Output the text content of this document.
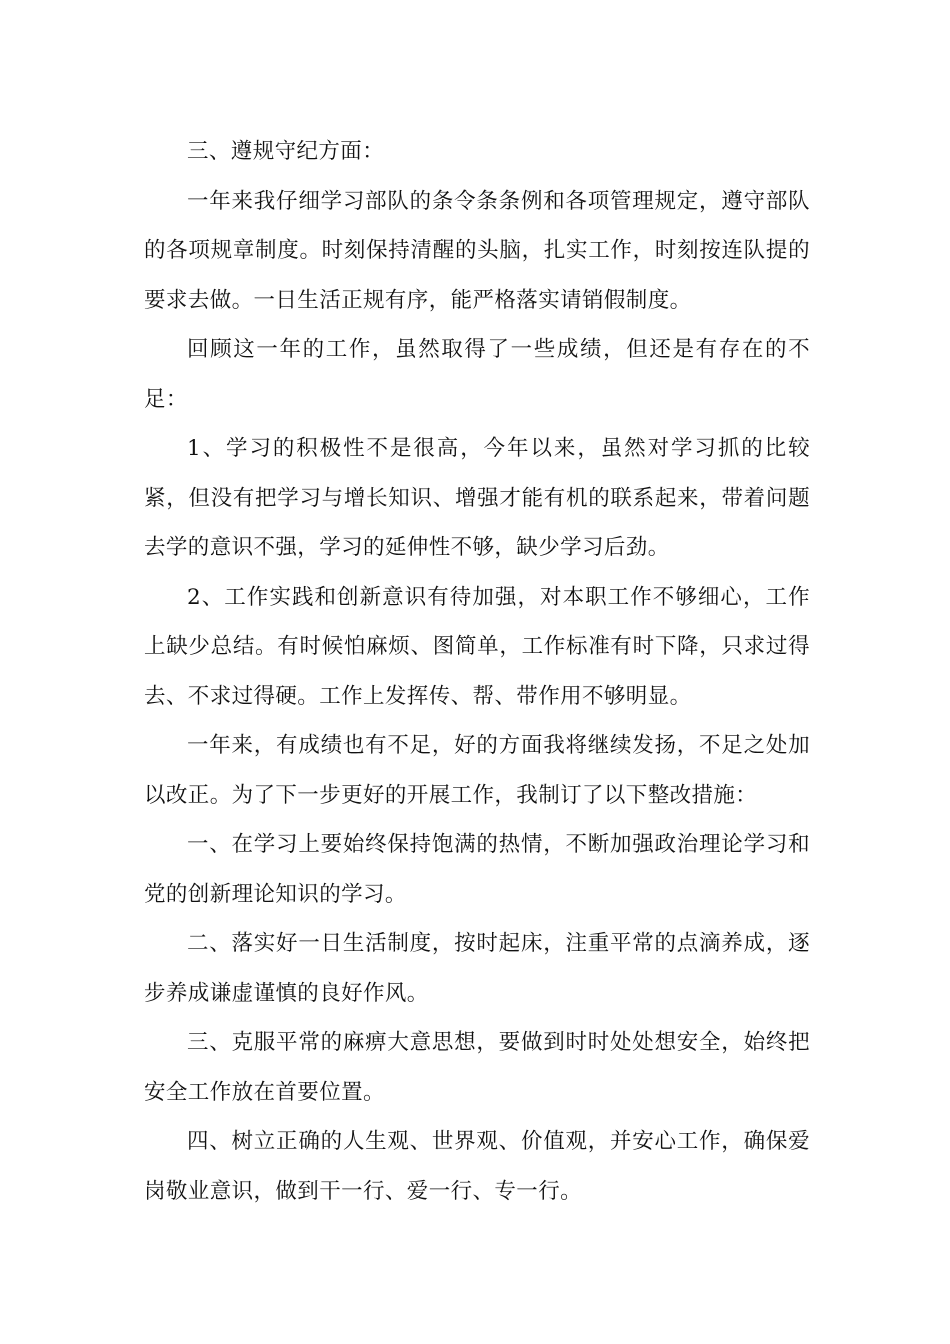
三、遵规守纪方面：

一年来我仔细学习部队的条令条条例和各项管理规定，遵守部队的各项规章制度。时刻保持清醒的头脑，扎实工作，时刻按连队提的要求去做。一日生活正规有序，能严格落实请销假制度。

回顾这一年的工作，虽然取得了一些成绩，但还是有存在的不足：

1、学习的积极性不是很高，今年以来，虽然对学习抓的比较紧，但没有把学习与增长知识、增强才能有机的联系起来，带着问题去学的意识不强，学习的延伸性不够，缺少学习后劲。

2、工作实践和创新意识有待加强，对本职工作不够细心，工作上缺少总结。有时候怕麻烦、图简单，工作标准有时下降，只求过得去、不求过得硬。工作上发挥传、帮、带作用不够明显。

一年来，有成绩也有不足，好的方面我将继续发扬，不足之处加以改正。为了下一步更好的开展工作，我制订了以下整改措施：

一、在学习上要始终保持饱满的热情，不断加强政治理论学习和党的创新理论知识的学习。

二、落实好一日生活制度，按时起床，注重平常的点滴养成，逐步养成谦虚谨慎的良好作风。

三、克服平常的麻痹大意思想，要做到时时处处想安全，始终把安全工作放在首要位置。

四、树立正确的人生观、世界观、价值观，并安心工作，确保爱岗敬业意识，做到干一行、爱一行、专一行。
